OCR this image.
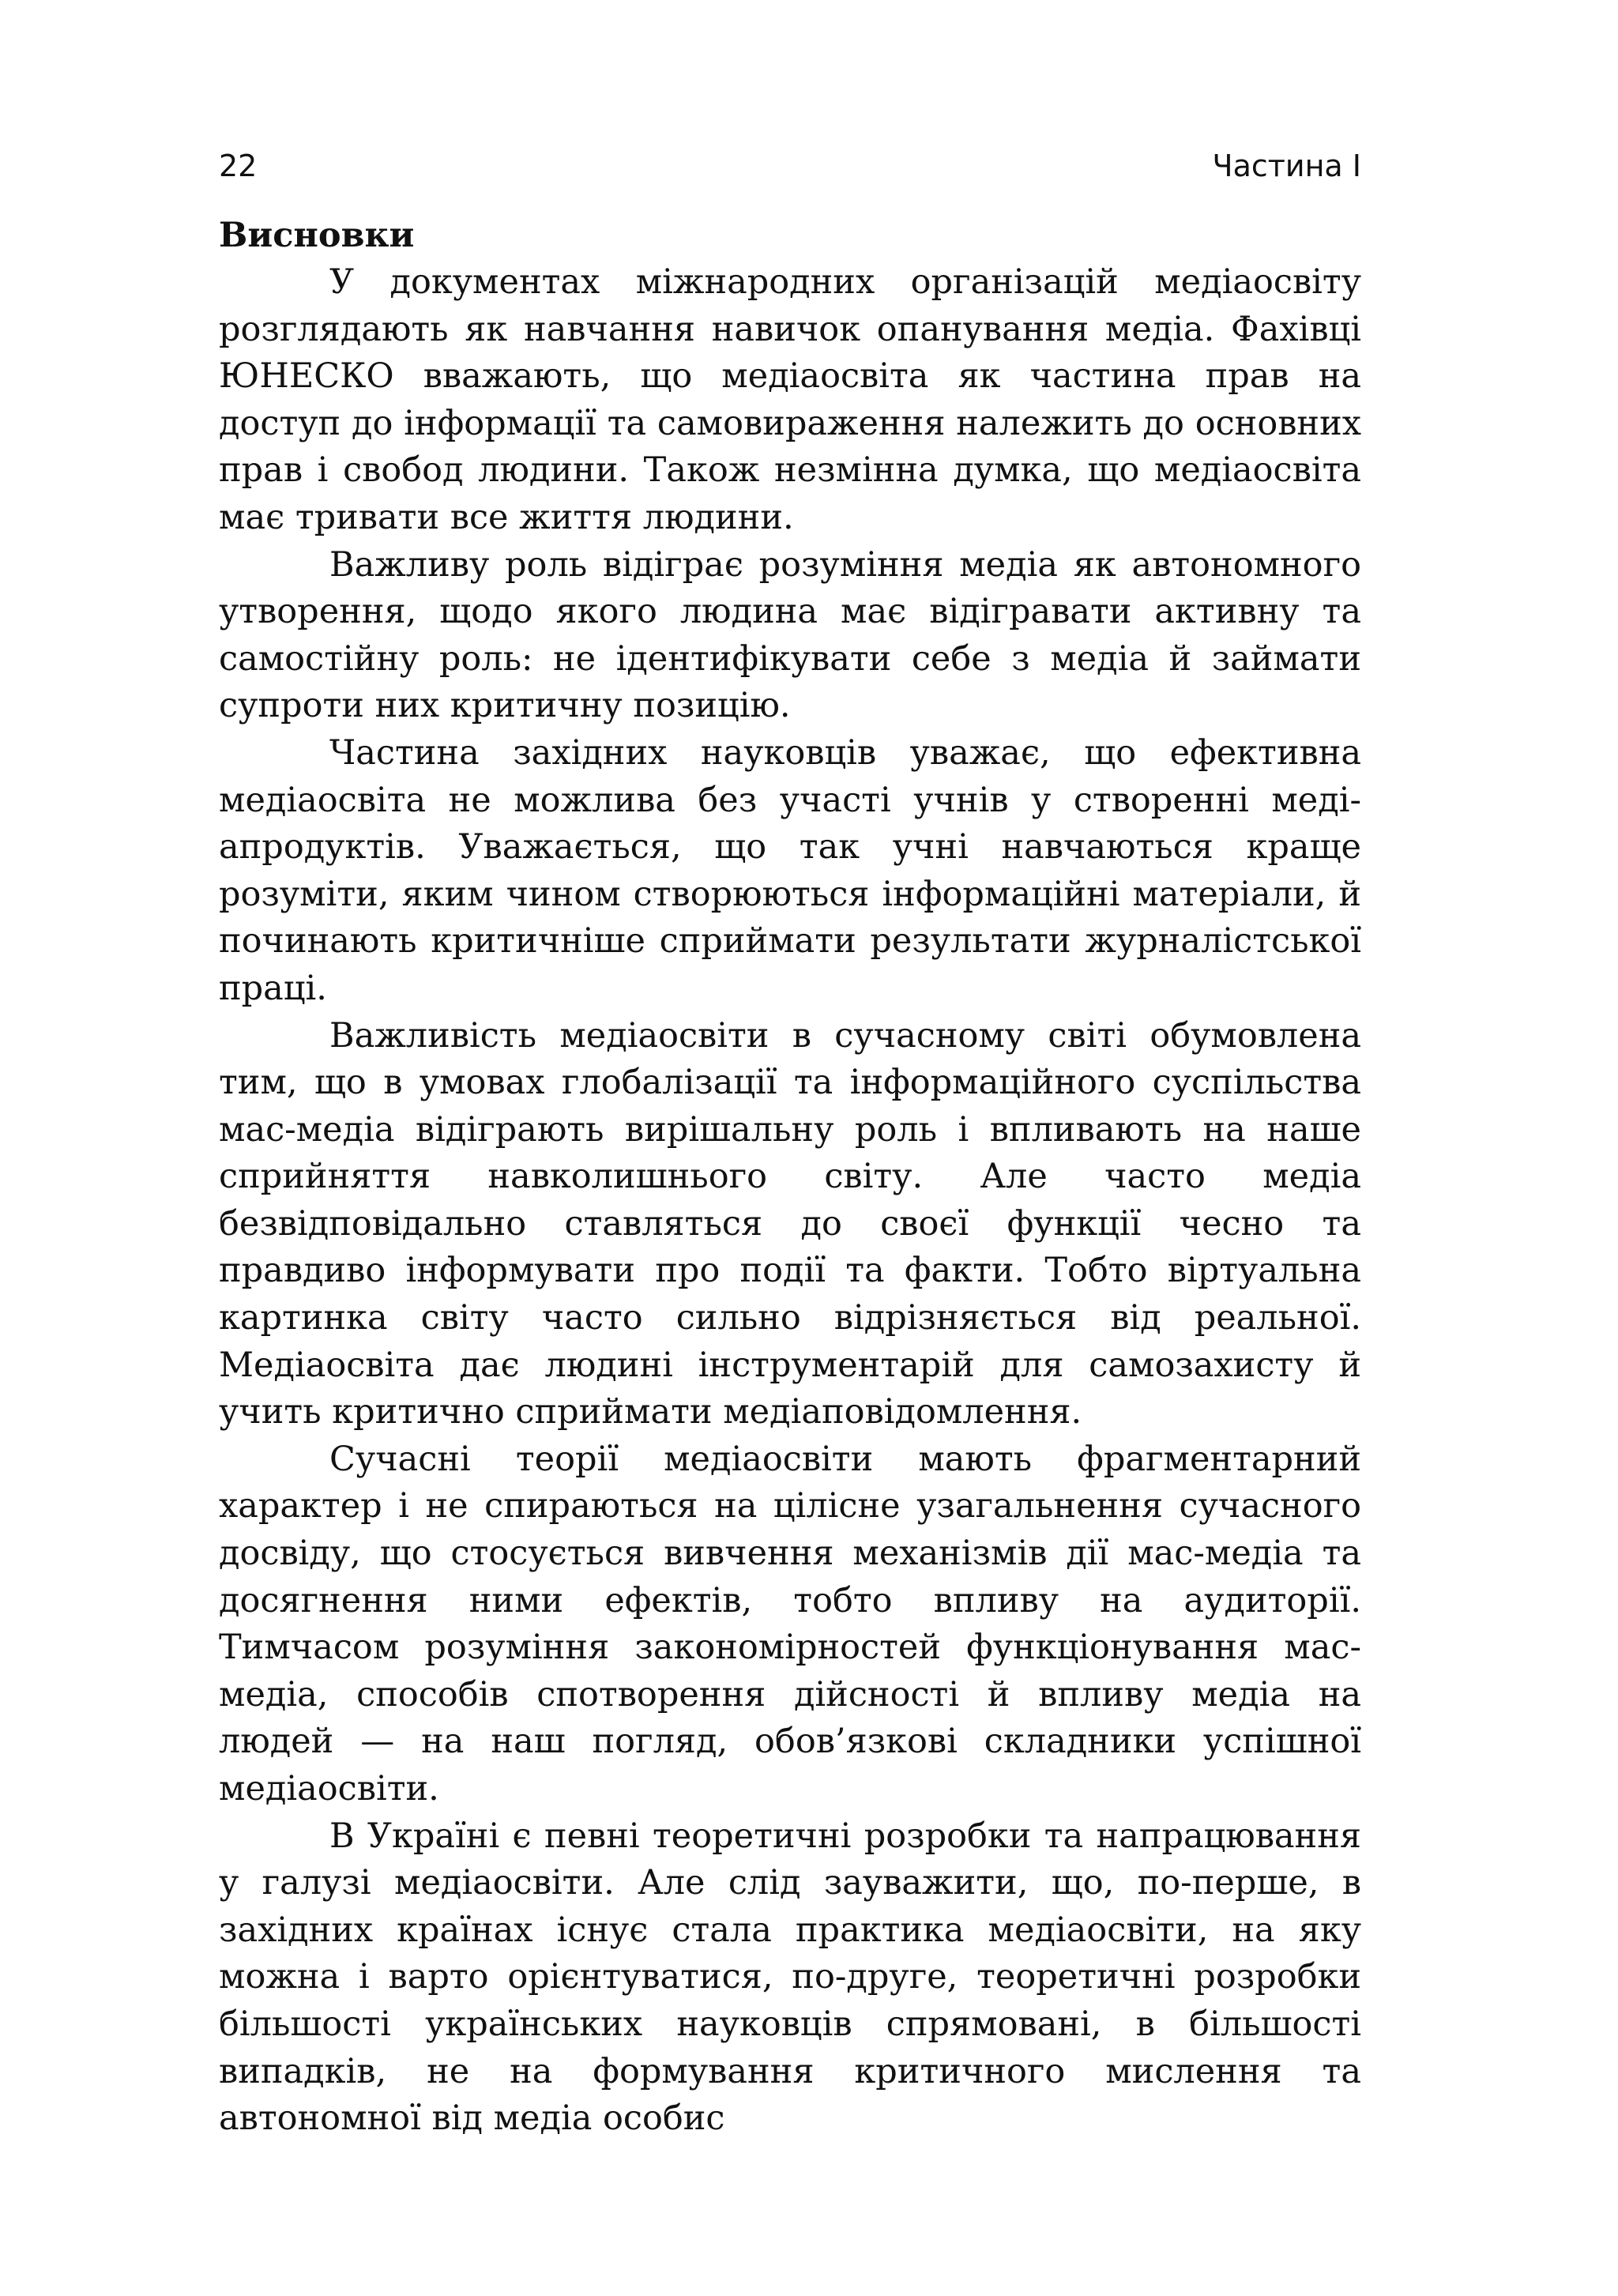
22	Частина І
Висновки

У документах міжнародних організацій медіаосвіту розглядають як навчання навичок опанування медіа. Фахівці ЮНЕСКО вважають, що медіаосвіта як частина прав на доступ до інформації та самовираження належить до основних прав і свобод людини. Також незмінна думка, що медіаосвіта має тривати все життя людини.

Важливу роль відіграє розуміння медіа як автономного утворення, щодо якого людина має відігравати активну та самостійну роль: не ідентифікувати себе з медіа й займати супроти них критичну позицію.

Частина західних науковців уважає, що ефективна медіаосвіта не можлива без участі учнів у створенні медіапродуктів. Уважається, що так учні навчаються краще розуміти, яким чином створюються інформаційні матеріали, й починають критичніше сприймати результати журналістської праці.

Важливість медіаосвіти в сучасному світі обумовлена тим, що в умовах глобалізації та інформаційного суспільства мас-медіа відіграють вирішальну роль і впливають на наше сприйняття навколишнього світу. Але часто медіа безвідповідально ставляться до своєї функції чесно та правдиво інформувати про події та факти. Тобто віртуальна картинка світу часто сильно відрізняється від реальної. Медіаосвіта дає людині інструментарій для самозахисту й учить критично сприймати медіаповідомлення.

Сучасні теорії медіаосвіти мають фрагментарний характер і не спираються на цілісне узагальнення сучасного досвіду, що стосується вивчення механізмів дії мас-медіа та досягнення ними ефектів, тобто впливу на аудиторії. Тимчасом розуміння закономірностей функціонування мас-медіа, способів спотворення дійсності й впливу медіа на людей — на наш погляд, обов’язкові складники успішної медіаосвіти.

В Україні є певні теоретичні розробки та напрацювання у галузі медіаосвіти. Але слід зауважити, що, по-перше, в західних країнах існує стала практика медіаосвіти, на яку можна і варто орієнтуватися, по-друге, теоретичні розробки більшості українських науковців спрямовані, в більшості випадків, не на формування критичного мислення та автономної від медіа особис
